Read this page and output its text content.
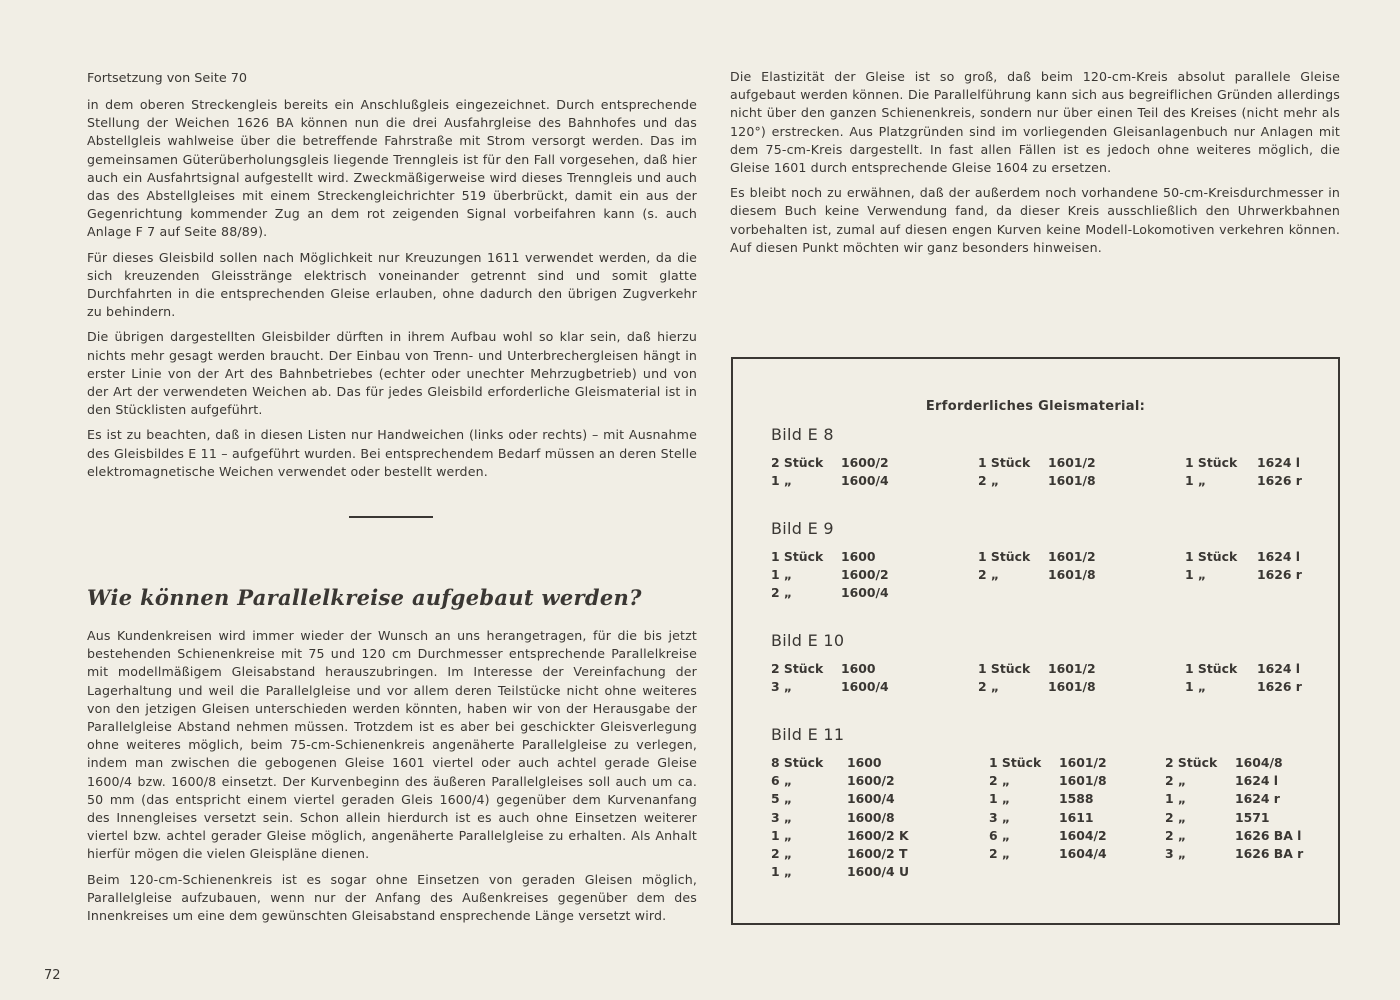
Fortsetzung von Seite 70

in dem oberen Streckengleis bereits ein Anschlußgleis eingezeichnet. Durch entsprechende Stellung der Weichen 1626 BA können nun die drei Ausfahrgleise des Bahnhofes und das Abstellgleis wahlweise über die betreffende Fahrstraße mit Strom versorgt werden. Das im gemeinsamen Güterüberholungsgleis liegende Trenngleis ist für den Fall vorgesehen, daß hier auch ein Ausfahrtsignal aufgestellt wird. Zweckmäßigerweise wird dieses Trenngleis und auch das des Abstellgleises mit einem Streckengleichrichter 519 überbrückt, damit ein aus der Gegenrichtung kommender Zug an dem rot zeigenden Signal vorbeifahren kann (s. auch Anlage F 7 auf Seite 88/89).

Für dieses Gleisbild sollen nach Möglichkeit nur Kreuzungen 1611 verwendet werden, da die sich kreuzenden Gleisstränge elektrisch voneinander getrennt sind und somit glatte Durchfahrten in die entsprechenden Gleise erlauben, ohne dadurch den übrigen Zugverkehr zu behindern.

Die übrigen dargestellten Gleisbilder dürften in ihrem Aufbau wohl so klar sein, daß hierzu nichts mehr gesagt werden braucht. Der Einbau von Trenn- und Unterbrechergleisen hängt in erster Linie von der Art des Bahnbetriebes (echter oder unechter Mehrzugbetrieb) und von der Art der verwendeten Weichen ab. Das für jedes Gleisbild erforderliche Gleismaterial ist in den Stücklisten aufgeführt.

Es ist zu beachten, daß in diesen Listen nur Handweichen (links oder rechts) – mit Ausnahme des Gleisbildes E 11 – aufgeführt wurden. Bei entsprechendem Bedarf müssen an deren Stelle elektromagnetische Weichen verwendet oder bestellt werden.

Wie können Parallelkreise aufgebaut werden?

Aus Kundenkreisen wird immer wieder der Wunsch an uns herangetragen, für die bis jetzt bestehenden Schienenkreise mit 75 und 120 cm Durchmesser entsprechende Parallelkreise mit modellmäßigem Gleisabstand herauszubringen. Im Interesse der Vereinfachung der Lagerhaltung und weil die Parallelgleise und vor allem deren Teilstücke nicht ohne weiteres von den jetzigen Gleisen unterschieden werden könnten, haben wir von der Herausgabe der Parallelgleise Abstand nehmen müssen. Trotzdem ist es aber bei geschickter Gleisverlegung ohne weiteres möglich, beim 75-cm-Schienenkreis angenäherte Parallelgleise zu verlegen, indem man zwischen die gebogenen Gleise 1601 viertel oder auch achtel gerade Gleise 1600/4 bzw. 1600/8 einsetzt. Der Kurvenbeginn des äußeren Parallelgleises soll auch um ca. 50 mm (das entspricht einem viertel geraden Gleis 1600/4) gegenüber dem Kurvenanfang des Innengleises versetzt sein. Schon allein hierdurch ist es auch ohne Einsetzen weiterer viertel bzw. achtel gerader Gleise möglich, angenäherte Parallelgleise zu erhalten. Als Anhalt hierfür mögen die vielen Gleispläne dienen.

Beim 120-cm-Schienenkreis ist es sogar ohne Einsetzen von geraden Gleisen möglich, Parallelgleise aufzubauen, wenn nur der Anfang des Außenkreises gegenüber dem des Innenkreises um eine dem gewünschten Gleisabstand ensprechende Länge versetzt wird.

72

Die Elastizität der Gleise ist so groß, daß beim 120-cm-Kreis absolut parallele Gleise aufgebaut werden können. Die Parallelführung kann sich aus begreiflichen Gründen allerdings nicht über den ganzen Schienenkreis, sondern nur über einen Teil des Kreises (nicht mehr als 120°) erstrecken. Aus Platzgründen sind im vorliegenden Gleisanlagenbuch nur Anlagen mit dem 75-cm-Kreis dargestellt. In fast allen Fällen ist es jedoch ohne weiteres möglich, die Gleise 1601 durch entsprechende Gleise 1604 zu ersetzen.

Es bleibt noch zu erwähnen, daß der außerdem noch vorhandene 50-cm-Kreisdurchmesser in diesem Buch keine Verwendung fand, da dieser Kreis ausschließlich den Uhrwerkbahnen vorbehalten ist, zumal auf diesen engen Kurven keine Modell-Lokomotiven verkehren können. Auf diesen Punkt möchten wir ganz besonders hinweisen.

Erforderliches Gleismaterial:
Bild E 8
2 Stück 1600/2
1 „	1600/4
1 Stück 1601/2
2 „	1601/8
1 Stück 1624 l
1 „	1626 r
Bild E 9
1 Stück 1600
1 „	1600/2
2 „	1600/4
1 Stück 1601/2
2 „	1601/8
1 Stück 1624 l
1 „	1626 r
Bild E 10
2 Stück 1600
3 „	1600/4
1 Stück 1601/2
2 „	1601/8
1 Stück 1624 l
1 „	1626 r
Bild E 11
8 Stück 1600
6 „	1600/2
5 „	1600/4
3 „	1600/8
1 „	1600/2 K
2 „	1600/2 T
1 „	1600/4 U
1 Stück 1601/2
2 „	1601/8
1 „	1588
3 „	1611
6 „	1604/2
2 „	1604/4
2 Stück 1604/8
2 „	1624 l
1 „	1624 r
2 „	1571
2 „	1626 BA l
3 „	1626 BA r
